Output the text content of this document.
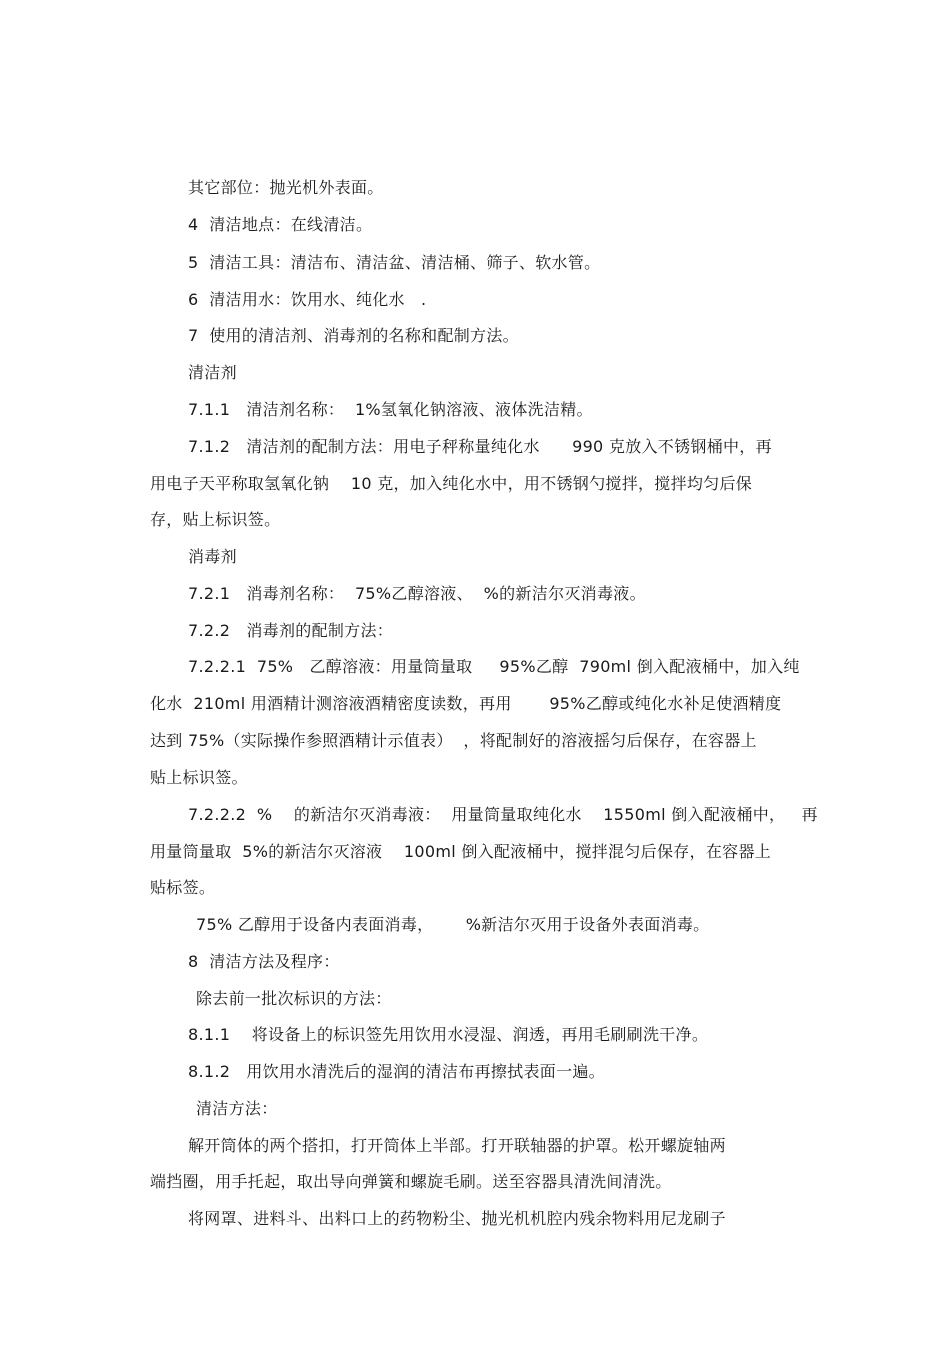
其它部位：抛光机外表面。
4  清洁地点：在线清洁。
5  清洁工具：清洁布、清洁盆、清洁桶、筛子、软水管。
6  清洁用水：饮用水、纯化水   .
7  使用的清洁剂、消毒剂的名称和配制方法。
清洁剂
7.1.1   清洁剂名称：  1%氢氧化钠溶液、液体洗洁精。
7.1.2   清洁剂的配制方法：用电子秤称量纯化水      990 克放入不锈钢桶中，再
用电子天平称取氢氧化钠    10 克，加入纯化水中，用不锈钢勺搅拌，搅拌均匀后保
存，贴上标识签。
消毒剂
7.2.1   消毒剂名称：  75%乙醇溶液、  %的新洁尔灭消毒液。
7.2.2   消毒剂的配制方法：
7.2.2.1  75%   乙醇溶液：用量筒量取     95%乙醇  790ml 倒入配液桶中，加入纯
化水  210ml 用酒精计测溶液酒精密度读数，再用       95%乙醇或纯化水补足使酒精度
达到 75%（实际操作参照酒精计示值表）  ，将配制好的溶液摇匀后保存，在容器上
贴上标识签。
7.2.2.2  %    的新洁尔灭消毒液：  用量筒量取纯化水    1550ml 倒入配液桶中，   再
用量筒量取  5%的新洁尔灭溶液    100ml 倒入配液桶中，搅拌混匀后保存，在容器上
贴标签。
75% 乙醇用于设备内表面消毒，      %新洁尔灭用于设备外表面消毒。
8  清洁方法及程序：
除去前一批次标识的方法：
8.1.1    将设备上的标识签先用饮用水浸湿、润透，再用毛刷刷洗干净。
8.1.2   用饮用水清洗后的湿润的清洁布再擦拭表面一遍。
清洁方法：
解开筒体的两个搭扣，打开筒体上半部。打开联轴器的护罩。松开螺旋轴两
端挡圈，用手托起，取出导向弹簧和螺旋毛刷。送至容器具清洗间清洗。
将网罩、进料斗、出料口上的药物粉尘、抛光机机腔内残余物料用尼龙刷子
